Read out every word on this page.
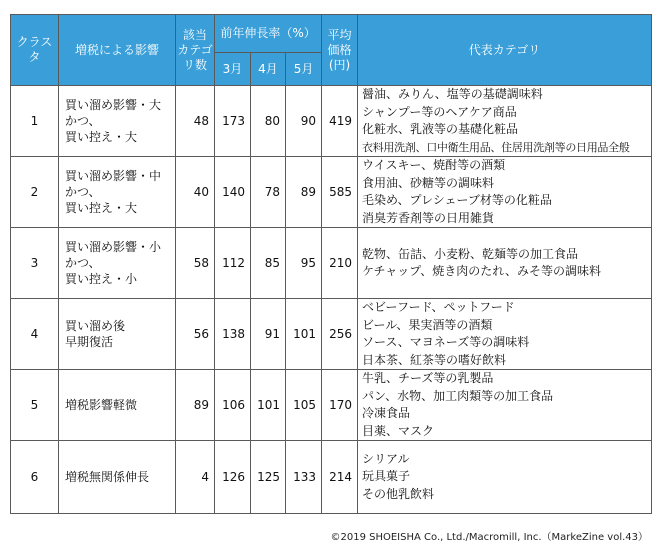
クラスタ	増税による影響	該当
カテゴ
リ数	前年伸長率（%）			平均
価格
(円)	代表カテゴリ
			3月	4月	5月		
1	買い溜め影響・大
かつ、
買い控え・大	48	173	80	90	419	醤油、みりん、塩等の基礎調味料
シャンプー等のヘアケア商品
化粧水、乳液等の基礎化粧品
衣料用洗剤、口中衛生用品、住居用洗剤等の日用品全般

2	買い溜め影響・中
かつ、
買い控え・大	40	140	78	89	585	ウイスキー、焼酎等の酒類
食用油、砂糖等の調味料
毛染め、プレシェーブ材等の化粧品
消臭芳香剤等の日用雑貨

3	買い溜め影響・小
かつ、
買い控え・小	58	112	85	95	210	乾物、缶詰、小麦粉、乾麺等の加工食品
ケチャップ、焼き肉のたれ、みそ等の調味料

4	買い溜め後
早期復活	56	138	91	101	256	ベビーフード、ペットフード
ビール、果実酒等の酒類
ソース、マヨネーズ等の調味料
日本茶、紅茶等の嗜好飲料

5	増税影響軽微	89	106	101	105	170	牛乳、チーズ等の乳製品
パン、水物、加工肉類等の加工食品
冷凍食品
目薬、マスク

6	増税無関係伸長	4	126	125	133	214	シリアル
玩具菓子
その他乳飲料
©2019 SHOEISHA Co., Ltd./Macromill, Inc.（MarkeZine vol.43）
